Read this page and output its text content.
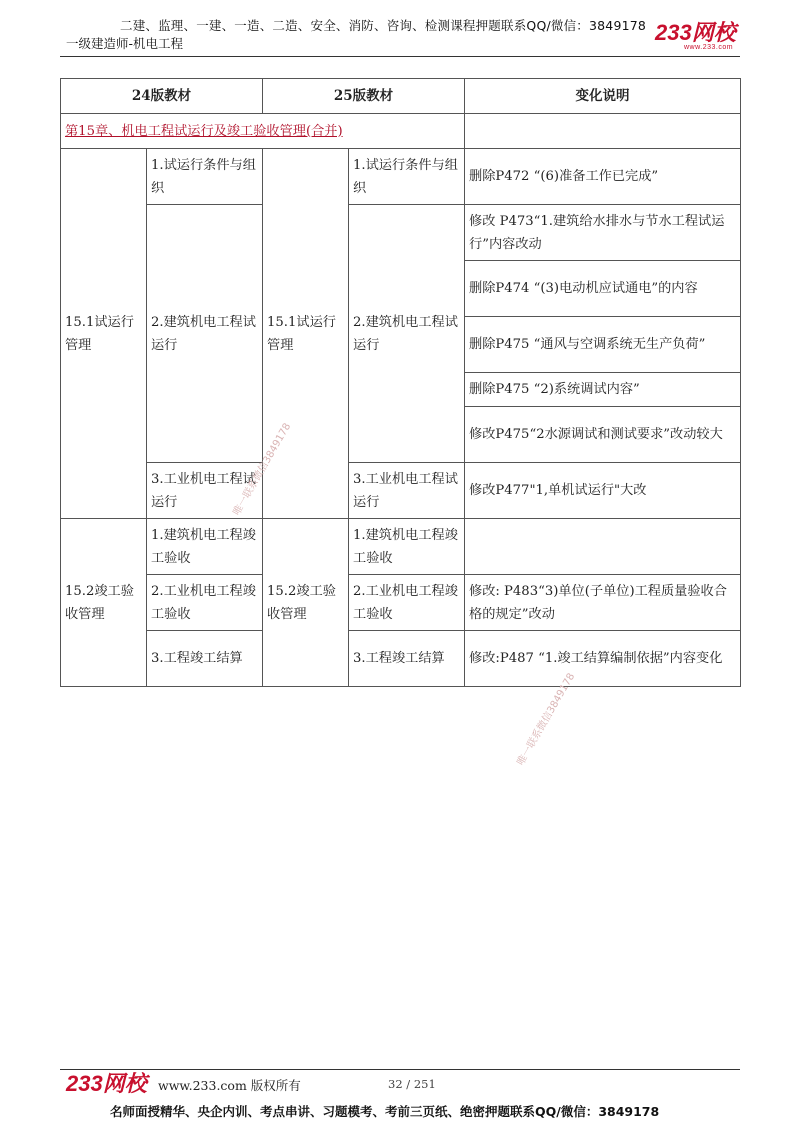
二建、监理、一建、一造、二造、安全、消防、咨询、检测课程押题联系QQ/微信：3849178
一级建造师-机电工程	233网校
www.233.com
24版教材		25版教材		变化说明
第15章、机电工程试运行及竣工验收管理(合并)				
15.1试运行管理	1.试运行条件与组织	15.1试运行管理	1.试运行条件与组织	删除P472 “(6)准备工作已完成”
	2.建筑机电工程试运行		2.建筑机电工程试运行	修改 P473“1.建筑给水排水与节水工程试运行”内容改动
				删除P474 “(3)电动机应试通电”的内容
				删除P475 “通风与空调系统无生产负荷”
				删除P475 “2)系统调试内容”
				修改P475“2水源调试和测试要求”改动较大
	3.工业机电工程试运行		3.工业机电工程试运行	修改P477"1,单机试运行"大改
15.2竣工验收管理	1.建筑机电工程竣工验收	15.2竣工验收管理	1.建筑机电工程竣工验收	
	2.工业机电工程竣工验收		2.工业机电工程竣工验收	修改: P483“3)单位(子单位)工程质量验收合格的规定”改动
	3.工程竣工结算		3.工程竣工结算	修改:P487 “1.竣工结算编制依据”内容变化
唯一联系微信3849178
唯一联系微信3849178
233网校 www.233.com 版权所有	32 / 251
名师面授精华、央企内训、考点串讲、习题模考、考前三页纸、绝密押题联系QQ/微信：3849178
